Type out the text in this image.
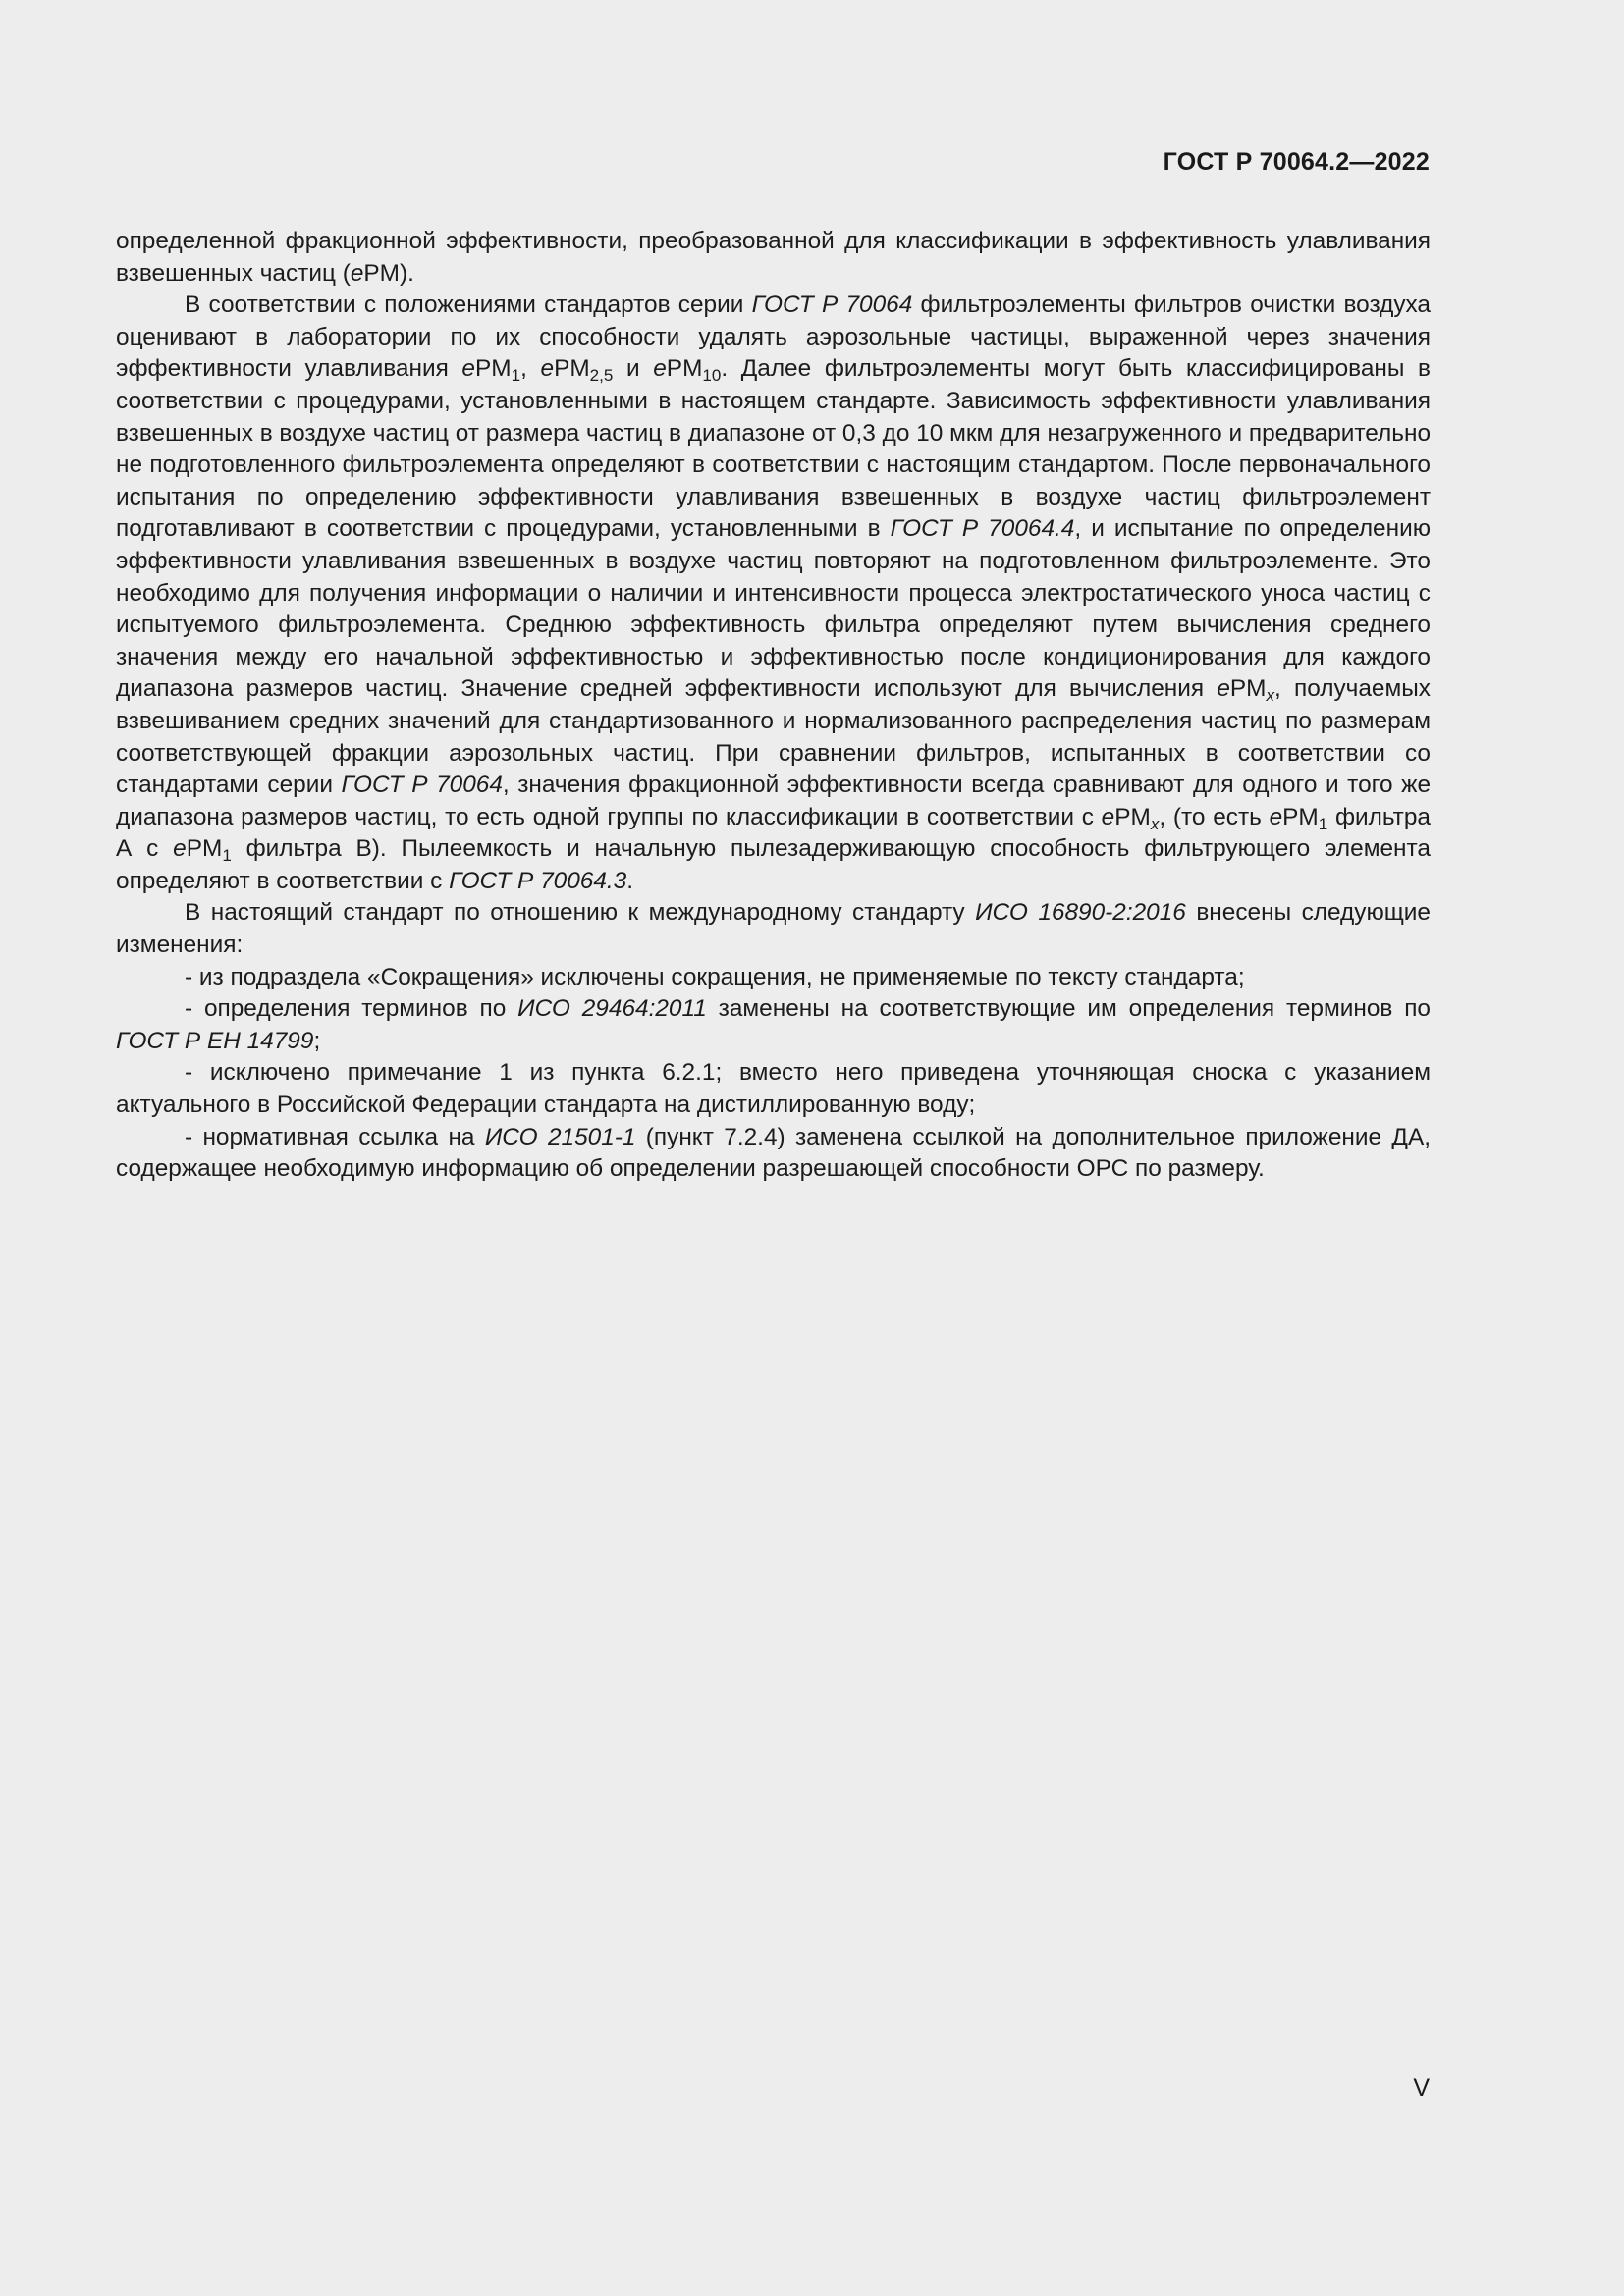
ГОСТ Р 70064.2—2022

определенной фракционной эффективности, преобразованной для классификации в эффективность улавливания взвешенных частиц (ePM).

В соответствии с положениями стандартов серии ГОСТ Р 70064 фильтроэлементы фильтров очистки воздуха оценивают в лаборатории по их способности удалять аэрозольные частицы, выраженной через значения эффективности улавливания ePM$_1$, ePM$_{2,5}$ и ePM$_{10}$. Далее фильтроэлементы могут быть классифицированы в соответствии с процедурами, установленными в настоящем стандарте. Зависимость эффективности улавливания взвешенных в воздухе частиц от размера частиц в диапазоне от 0,3 до 10 мкм для незагруженного и предварительно не подготовленного фильтроэлемента определяют в соответствии с настоящим стандартом. После первоначального испытания по определению эффективности улавливания взвешенных в воздухе частиц фильтроэлемент подготавливают в соответствии с процедурами, установленными в ГОСТ Р 70064.4, и испытание по определению эффективности улавливания взвешенных в воздухе частиц повторяют на подготовленном фильтроэлементе. Это необходимо для получения информации о наличии и интенсивности процесса электростатического уноса частиц с испытуемого фильтроэлемента. Среднюю эффективность фильтра определяют путем вычисления среднего значения между его начальной эффективностью и эффективностью после кондиционирования для каждого диапазона размеров частиц. Значение средней эффективности используют для вычисления ePM$_x$, получаемых взвешиванием средних значений для стандартизованного и нормализованного распределения частиц по размерам соответствующей фракции аэрозольных частиц. При сравнении фильтров, испытанных в соответствии со стандартами серии ГОСТ Р 70064, значения фракционной эффективности всегда сравнивают для одного и того же диапазона размеров частиц, то есть одной группы по классификации в соответствии с ePM$_x$, (то есть ePM$_1$ фильтра А с ePM$_1$ фильтра В). Пылеемкость и начальную пылезадерживающую способность фильтрующего элемента определяют в соответствии с ГОСТ Р 70064.3.

В настоящий стандарт по отношению к международному стандарту ИСО 16890-2:2016 внесены следующие изменения:

- из подраздела «Сокращения» исключены сокращения, не применяемые по тексту стандарта;

- определения терминов по ИСО 29464:2011 заменены на соответствующие им определения терминов по ГОСТ Р ЕН 14799;

- исключено примечание 1 из пункта 6.2.1; вместо него приведена уточняющая сноска с указанием актуального в Российской Федерации стандарта на дистиллированную воду;

- нормативная ссылка на ИСО 21501-1 (пункт 7.2.4) заменена ссылкой на дополнительное приложение ДА, содержащее необходимую информацию об определении разрешающей способности ОРС по размеру.

V
